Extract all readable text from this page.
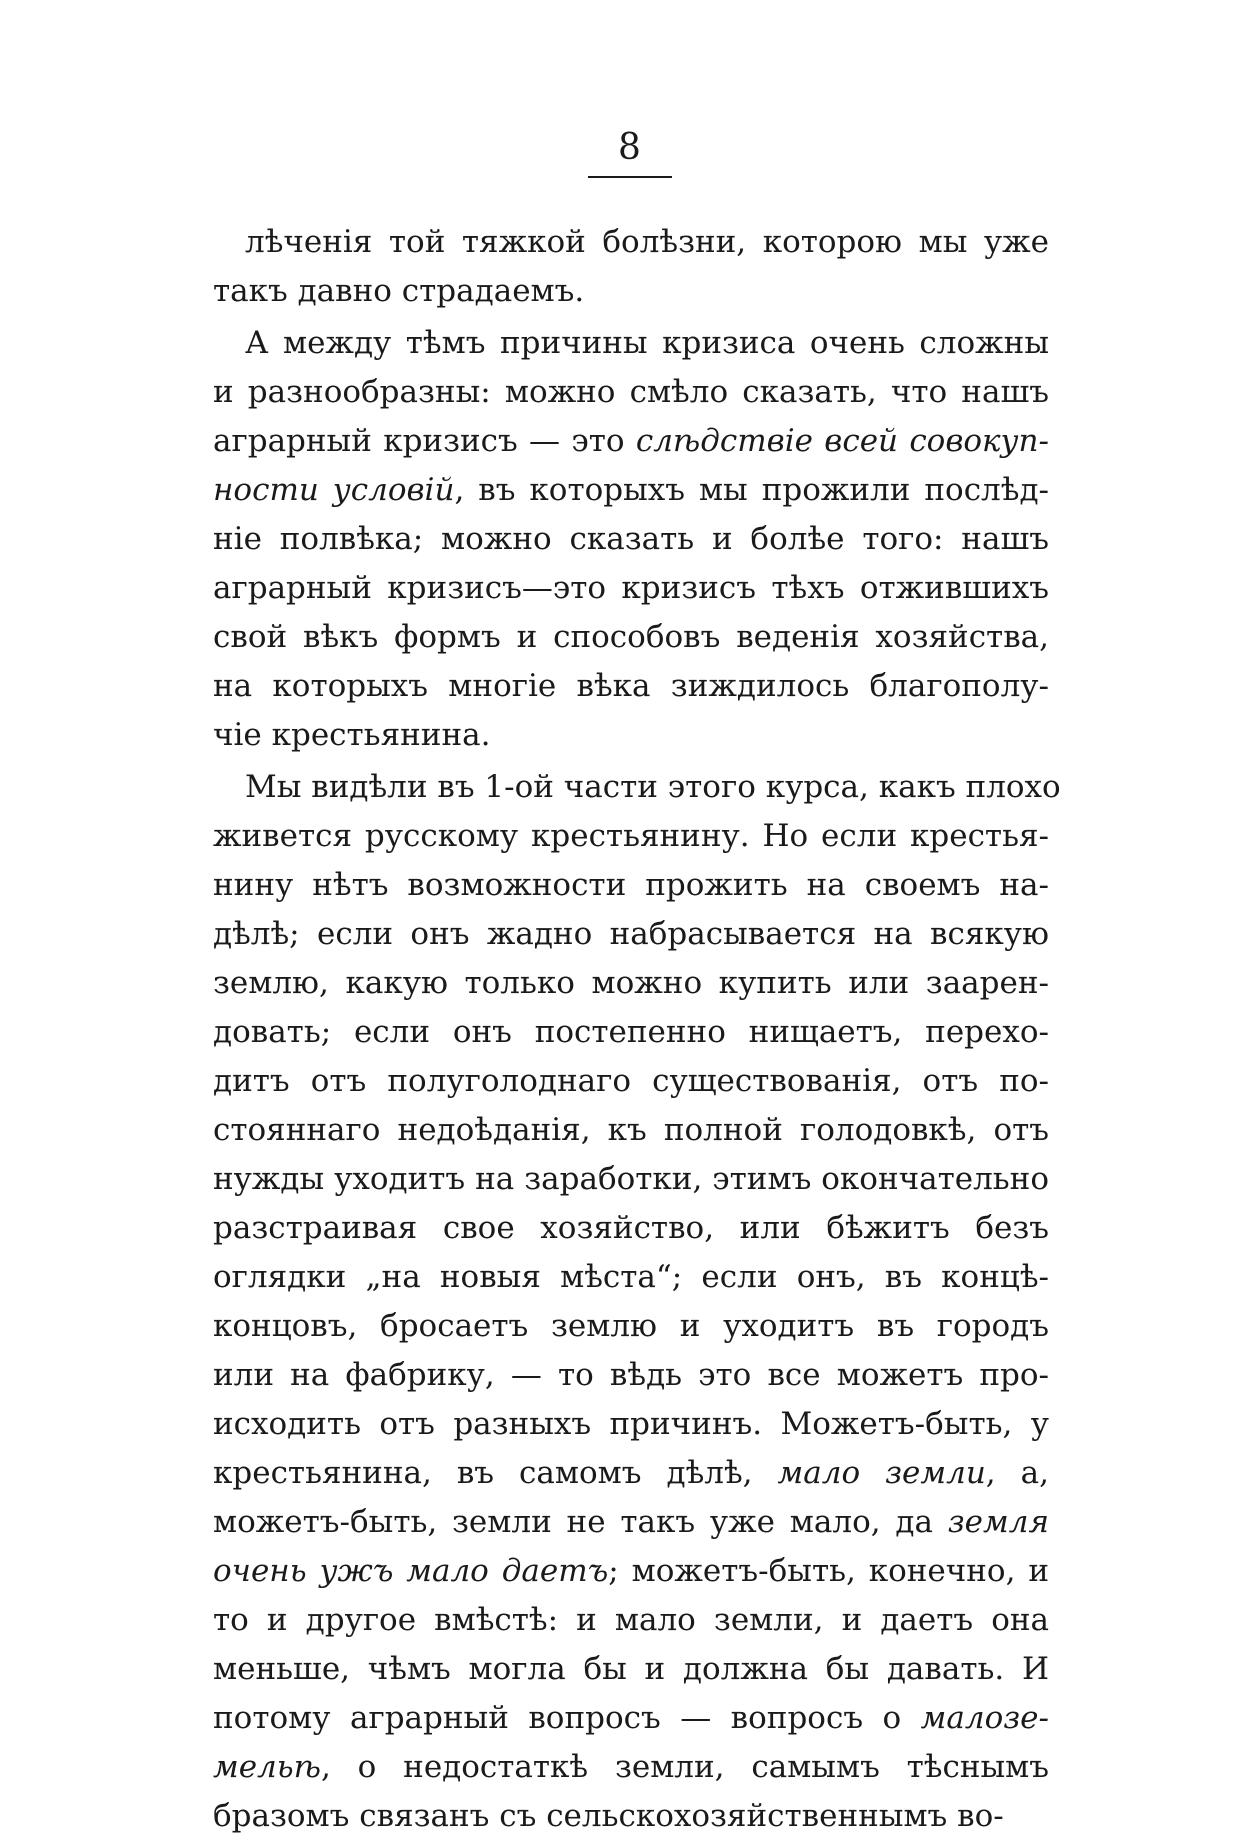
8
лѣченія той тяжкой болѣзни, которою мы уже
такъ давно страдаемъ.
А между тѣмъ причины кризиса очень сложны
и разнообразны: можно смѣло сказать, что нашъ
аграрный кризисъ — это слѣдствіе всей совокуп-
ности условій, въ которыхъ мы прожили послѣд-
ніе полвѣка; можно сказать и болѣе того: нашъ
аграрный кризисъ—это кризисъ тѣхъ отжившихъ
свой вѣкъ формъ и способовъ веденія хозяйства,
на которыхъ многіе вѣка зиждилось благополу-
чіе крестьянина.
Мы видѣли въ 1-ой части этого курса, какъ плохо
живется русскому крестьянину. Но если крестья-
нину нѣтъ возможности прожить на своемъ на-
дѣлѣ; если онъ жадно набрасывается на всякую
землю, какую только можно купить или заарен-
довать; если онъ постепенно нищаетъ, перехо-
дитъ отъ полуголоднаго существованія, отъ по-
стояннаго недоѣданія, къ полной голодовкѣ, отъ
нужды уходитъ на заработки, этимъ окончательно
разстраивая свое хозяйство, или бѣжитъ безъ
оглядки „на новыя мѣста“; если онъ, въ концѣ-
концовъ, бросаетъ землю и уходитъ въ городъ
или на фабрику, — то вѣдь это все можетъ про-
исходить отъ разныхъ причинъ. Можетъ-быть, у
крестьянина, въ самомъ дѣлѣ, мало земли, а,
можетъ-быть, земли не такъ уже мало, да земля
очень ужъ мало даетъ; можетъ-быть, конечно, и
то и другое вмѣстѣ: и мало земли, и даетъ она
меньше, чѣмъ могла бы и должна бы давать. И
потому аграрный вопросъ — вопросъ о малозе-
мельѣ, о недостаткѣ земли, самымъ тѣснымъ
бразомъ связанъ съ сельскохозяйственнымъ во-
